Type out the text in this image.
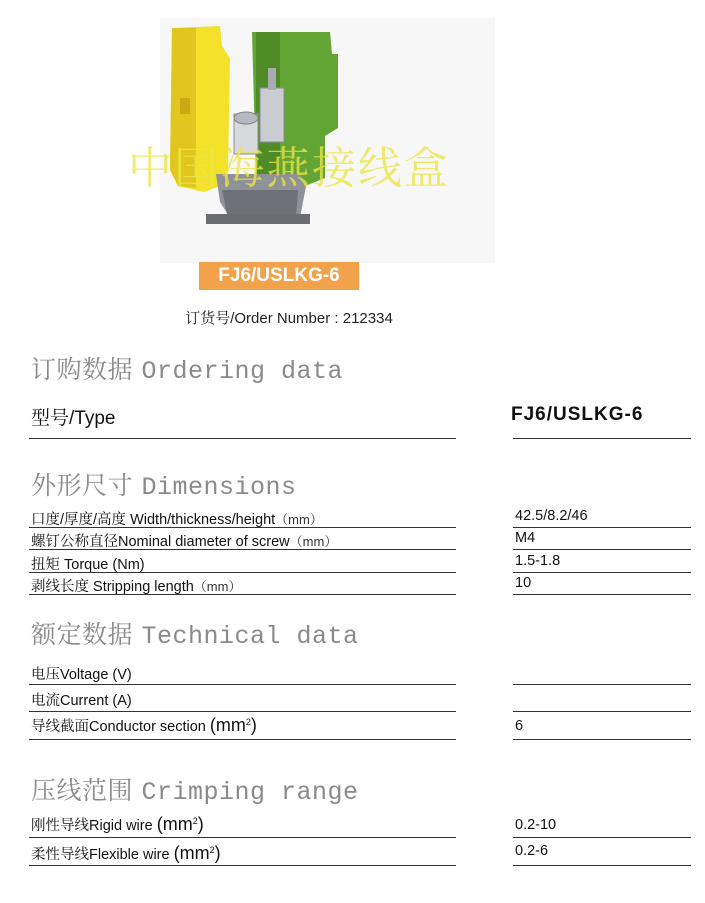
中国海燕接线盒
FJ6/USLKG-6
订货号/Order Number : 212334
订购数据 Ordering data
型号/Type	FJ6/USLKG-6
外形尺寸 Dimensions
口度/厚度/高度 Width/thickness/height（mm）	42.5/8.2/46
螺钉公称直径Nominal diameter of screw（mm）	M4
扭矩 Torque (Nm)	1.5-1.8
剥线长度 Stripping length（mm）	10
额定数据 Technical data
电压Voltage (V)
电流Current (A)
导线截面Conductor section $(mm^2)$	6
压线范围 Crimping range
刚性导线Rigid wire $(mm^2)$	0.2-10
柔性导线Flexible wire $(mm^2)$	0.2-6
